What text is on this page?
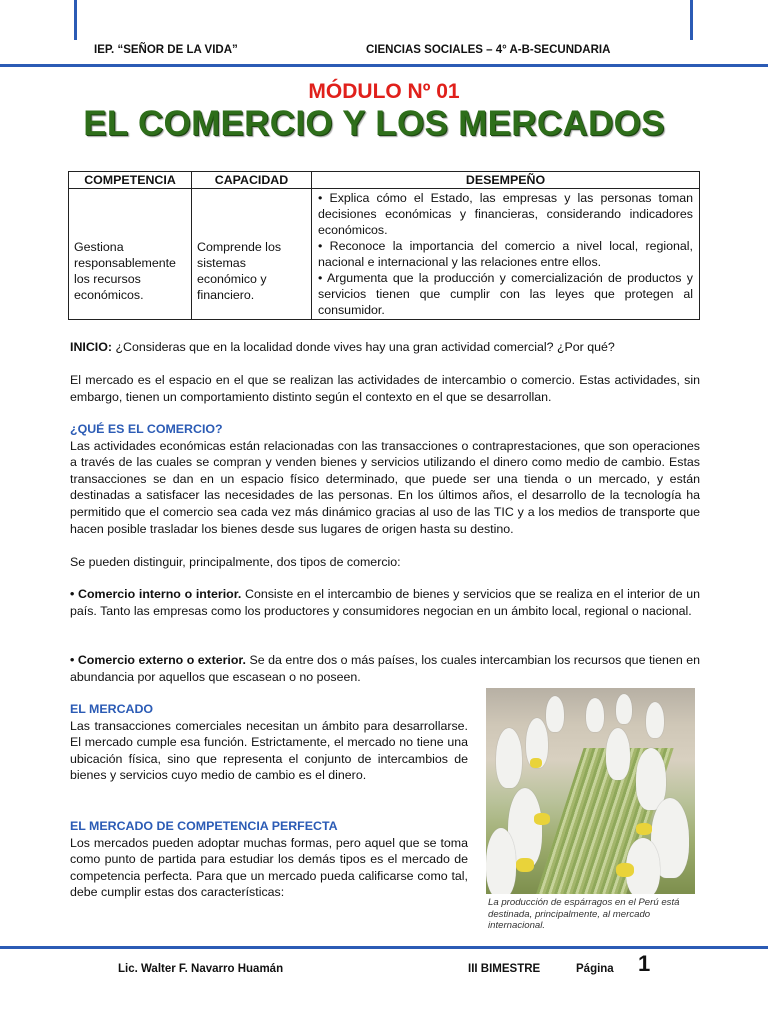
IEP. “SEÑOR DE LA VIDA”	CIENCIAS SOCIALES – 4° A-B-SECUNDARIA
MÓDULO Nº 01
EL COMERCIO Y LOS MERCADOS
COMPETENCIA	CAPACIDAD	DESEMPEÑO
Gestiona responsablemente los recursos económicos.	Comprende los sistemas económico y financiero.	• Explica cómo el Estado, las empresas y las personas toman decisiones económicas y financieras, considerando indicadores económicos.
• Reconoce la importancia del comercio a nivel local, regional, nacional e internacional y las relaciones entre ellos.
• Argumenta que la producción y comercialización de productos y servicios tienen que cumplir con las leyes que protegen al consumidor.

INICIO: ¿Consideras que en la localidad donde vives hay una gran actividad comercial? ¿Por qué?

El mercado es el espacio en el que se realizan las actividades de intercambio o comercio. Estas actividades, sin embargo, tienen un comportamiento distinto según el contexto en el que se desarrollan.

¿QUÉ ES EL COMERCIO?

Las actividades económicas están relacionadas con las transacciones o contraprestaciones, que son operaciones a través de las cuales se compran y venden bienes y servicios utilizando el dinero como medio de cambio. Estas transacciones se dan en un espacio físico determinado, que puede ser una tienda o un mercado, y están destinadas a satisfacer las necesidades de las personas. En los últimos años, el desarrollo de la tecnología ha permitido que el comercio sea cada vez más dinámico gracias al uso de las TIC y a los medios de transporte que hacen posible trasladar los bienes desde sus lugares de origen hasta su destino.

Se pueden distinguir, principalmente, dos tipos de comercio:

• Comercio interno o interior. Consiste en el intercambio de bienes y servicios que se realiza en el interior de un país. Tanto las empresas como los productores y consumidores negocian en un ámbito local, regional o nacional.

• Comercio externo o exterior. Se da entre dos o más países, los cuales intercambian los recursos que tienen en abundancia por aquellos que escasean o no poseen.

EL MERCADO

Las transacciones comerciales necesitan un ámbito para desarrollarse. El mercado cumple esa función. Estrictamente, el mercado no tiene una ubicación física, sino que representa el conjunto de intercambios de bienes y servicios cuyo medio de cambio es el dinero.

EL MERCADO DE COMPETENCIA PERFECTA

Los mercados pueden adoptar muchas formas, pero aquel que se toma como punto de partida para estudiar los demás tipos es el mercado de competencia perfecta. Para que un mercado pueda calificarse como tal, debe cumplir estas dos características:

La producción de espárragos en el Perú está destinada, principalmente, al mercado internacional.
Lic. Walter F. Navarro Huamán	III BIMESTRE	Página 1
